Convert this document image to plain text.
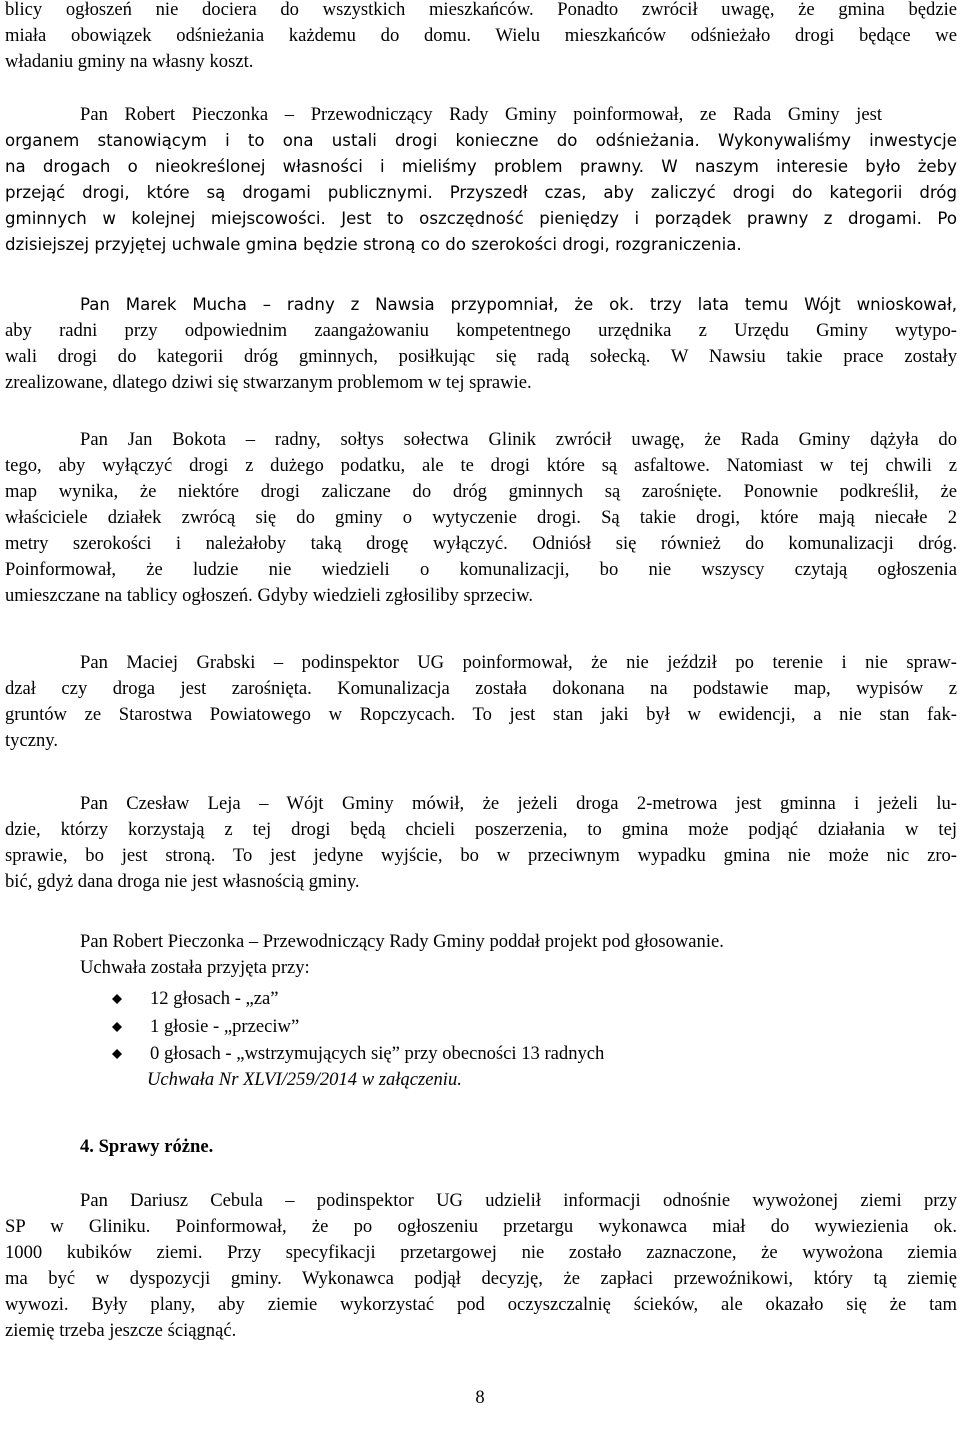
blicy ogłoszeń nie dociera do wszystkich mieszkańców. Ponadto zwrócił uwagę, że gmina będzie
miała obowiązek odśnieżania każdemu do domu. Wielu mieszkańców odśnieżało drogi będące we
władaniu gminy na własny koszt.
Pan Robert Pieczonka – Przewodniczący Rady Gminy poinformował, ze Rada Gminy jest
organem stanowiącym i to ona ustali drogi konieczne do odśnieżania. Wykonywaliśmy inwestycje
na drogach o nieokreślonej własności i mieliśmy problem prawny. W naszym interesie było żeby
przejąć drogi, które są drogami publicznymi. Przyszedł czas, aby zaliczyć drogi do kategorii dróg
gminnych w kolejnej miejscowości. Jest to oszczędność pieniędzy i porządek prawny z drogami. Po
dzisiejszej przyjętej uchwale gmina będzie stroną co do szerokości drogi, rozgraniczenia.
Pan Marek Mucha – radny z Nawsia przypomniał, że ok. trzy lata temu Wójt wnioskował,
aby radni przy odpowiednim zaangażowaniu kompetentnego urzędnika z Urzędu Gminy wytypo-
wali drogi do kategorii dróg gminnych, posiłkując się radą sołecką. W Nawsiu takie prace zostały
zrealizowane, dlatego dziwi się stwarzanym problemom w tej sprawie.
Pan Jan Bokota – radny, sołtys sołectwa Glinik zwrócił uwagę, że Rada Gminy dążyła do
tego, aby wyłączyć drogi z dużego podatku, ale te drogi które są asfaltowe. Natomiast w tej chwili z
map wynika, że niektóre drogi zaliczane do dróg gminnych są zarośnięte. Ponownie podkreślił, że
właściciele działek zwrócą się do gminy o wytyczenie drogi. Są takie drogi, które mają niecałe 2
metry szerokości i należałoby taką drogę wyłączyć. Odniósł się również do komunalizacji dróg.
Poinformował, że ludzie nie wiedzieli o komunalizacji, bo nie wszyscy czytają ogłoszenia
umieszczane na tablicy ogłoszeń. Gdyby wiedzieli zgłosiliby sprzeciw.
Pan Maciej Grabski – podinspektor UG poinformował, że nie jeździł po terenie i nie spraw-
dzał czy droga jest zarośnięta. Komunalizacja została dokonana na podstawie map, wypisów z
gruntów ze Starostwa Powiatowego w Ropczycach. To jest stan jaki był w ewidencji, a nie stan fak-
tyczny.
Pan Czesław Leja – Wójt Gminy mówił, że jeżeli droga 2-metrowa jest gminna i jeżeli lu-
dzie, którzy korzystają z tej drogi będą chcieli poszerzenia, to gmina może podjąć działania w tej
sprawie, bo jest stroną. To jest jedyne wyjście, bo w przeciwnym wypadku gmina nie może nic zro-
bić, gdyż dana droga nie jest własnością gminy.
Pan Robert Pieczonka – Przewodniczący Rady Gminy poddał projekt pod głosowanie.
Uchwała została przyjęta przy:
12 głosach - „za”
1 głosie - „przeciw”
0 głosach - „wstrzymujących się” przy obecności 13 radnych
Uchwała Nr XLVI/259/2014 w załączeniu.
4. Sprawy różne.
Pan Dariusz Cebula – podinspektor UG udzielił informacji odnośnie wywożonej ziemi przy
SP w Gliniku. Poinformował, że po ogłoszeniu przetargu wykonawca miał do wywiezienia ok.
1000 kubików ziemi. Przy specyfikacji przetargowej nie zostało zaznaczone, że wywożona ziemia
ma być w dyspozycji gminy. Wykonawca podjął decyzję, że zapłaci przewoźnikowi, który tą ziemię
wywozi. Były plany, aby ziemie wykorzystać pod oczyszczalnię ścieków, ale okazało się że tam
ziemię trzeba jeszcze ściągnąć.
8
